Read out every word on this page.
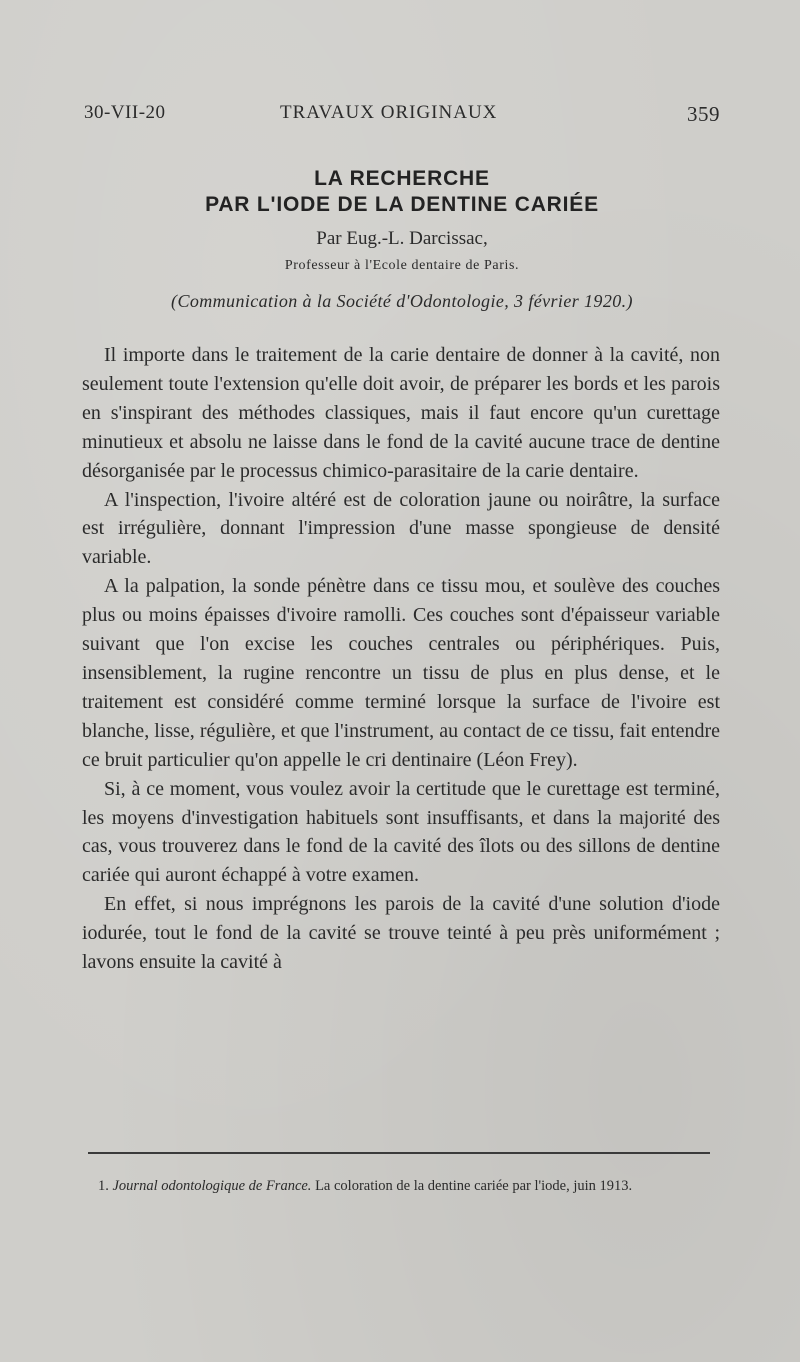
30-VII-20	TRAVAUX ORIGINAUX	359
LA RECHERCHE
PAR L'IODE DE LA DENTINE CARIÉE
Par Eug.-L. Darcissac,
Professeur à l'Ecole dentaire de Paris.
(Communication à la Société d'Odontologie, 3 février 1920.)

Il importe dans le traitement de la carie dentaire de donner à la cavité, non seulement toute l'extension qu'elle doit avoir, de préparer les bords et les parois en s'inspirant des méthodes classiques, mais il faut encore qu'un curettage minutieux et absolu ne laisse dans le fond de la cavité aucune trace de dentine désorganisée par le processus chimico-parasitaire de la carie dentaire.

A l'inspection, l'ivoire altéré est de coloration jaune ou noirâtre, la surface est irrégulière, donnant l'impression d'une masse spongieuse de densité variable.

A la palpation, la sonde pénètre dans ce tissu mou, et soulève des couches plus ou moins épaisses d'ivoire ramolli. Ces couches sont d'épaisseur variable suivant que l'on excise les couches centrales ou périphériques. Puis, insensiblement, la rugine rencontre un tissu de plus en plus dense, et le traitement est considéré comme terminé lorsque la surface de l'ivoire est blanche, lisse, régulière, et que l'instrument, au contact de ce tissu, fait entendre ce bruit particulier qu'on appelle le cri dentinaire (Léon Frey).

Si, à ce moment, vous voulez avoir la certitude que le curettage est terminé, les moyens d'investigation habituels sont insuffisants, et dans la majorité des cas, vous trouverez dans le fond de la cavité des îlots ou des sillons de dentine cariée qui auront échappé à votre examen.

En effet, si nous imprégnons les parois de la cavité d'une solution d'iode iodurée, tout le fond de la cavité se trouve teinté à peu près uniformément ; lavons ensuite la cavité à

1. Journal odontologique de France. La coloration de la dentine cariée par l'iode, juin 1913.
